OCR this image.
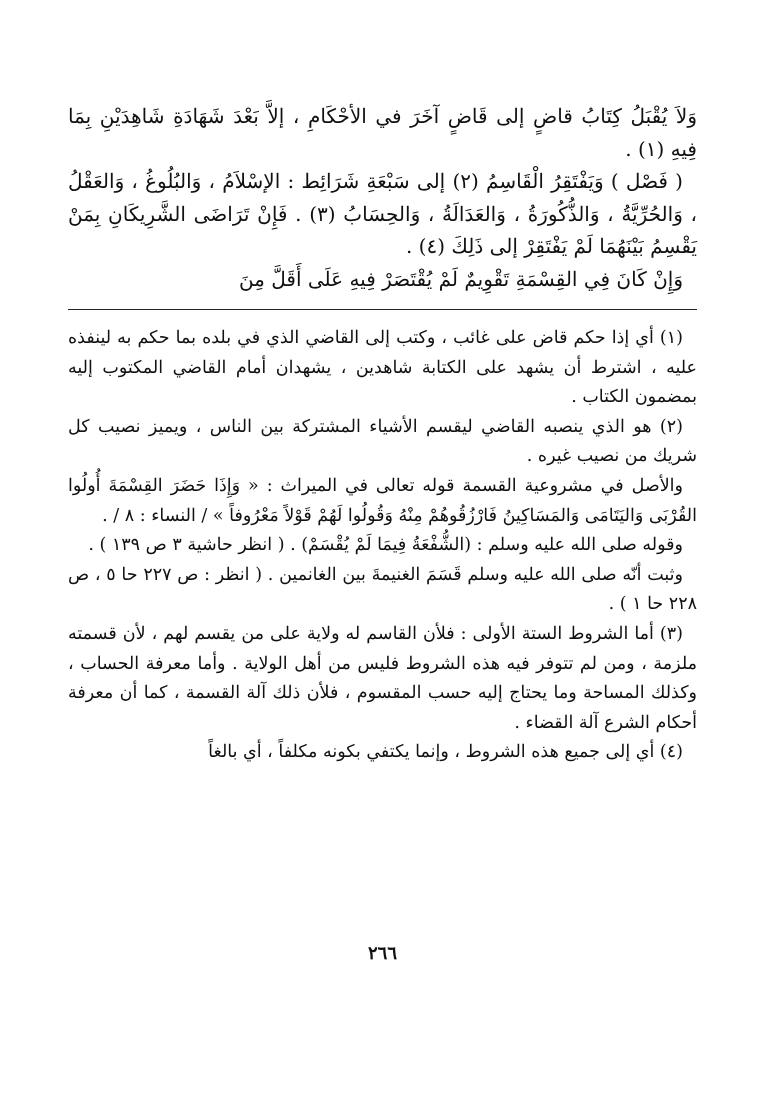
وَلاَ يُقْبَلُ كِتَابُ قاضٍ إلى قَاضٍ آخَرَ في الأحْكَامِ ، إلاَّ بَعْدَ شَهَادَةِ شَاهِدَيْنِ بِمَا فِيهِ (١) .

( فَصْل ) وَيَفْتَقِرُ الْقَاسِمُ (٢) إلى سَبْعَةِ شَرَائِط : الإسْلاَمُ ، وَالبُلُوغُ ، وَالعَقْلُ ، وَالحُرِّيَّةُ ، وَالذُّكُورَةُ ، وَالعَدَالَةُ ، وَالحِسَابُ (٣) . فَإِنْ تَرَاضَى الشَّرِيكَانِ بِمَنْ يَقْسِمُ بَيْنَهُمَا لَمْ يَفْتَقِرْ إلى ذَلِكَ (٤) .

وَإِنْ كَانَ فِي القِسْمَةِ تَقْوِيمٌ لَمْ يُقْتَصَرْ فِيهِ عَلَى أَقَلَّ مِنَ

(١) أي إذا حكم قاض على غائب ، وكتب إلى القاضي الذي في بلده بما حكم به لينفذه عليه ، اشترط أن يشهد على الكتابة شاهدين ، يشهدان أمام القاضي المكتوب إليه بمضمون الكتاب .

(٢) هو الذي ينصبه القاضي ليقسم الأشياء المشتركة بين الناس ، ويميز نصيب كل شريك من نصيب غيره .

والأصل في مشروعية القسمة قوله تعالى في الميراث : « وَإِذَا حَضَرَ القِسْمَةَ أُولُوا القُرْبَى وَاليَتَامَى وَالمَسَاكِينُ فَارْزُقُوهُمْ مِنْهُ وَقُولُوا لَهُمْ قَوْلاً مَعْرُوفاً » / النساء : ٨ / .

وقوله صلى الله عليه وسلم : (الشُّفْعَةُ فِيمَا لَمْ يُقْسَمْ) . ( انظر حاشية ٣ ص ١٣٩ ) .

وثبت أنّه صلى الله عليه وسلم قَسَمَ الغنيمةَ بين الغانمين . ( انظر : ص ٢٢٧ حا ٥ ، ص ٢٢٨ حا ١ ) .

(٣) أما الشروط الستة الأولى : فلأن القاسم له ولاية على من يقسم لهم ، لأن قسمته ملزمة ، ومن لم تتوفر فيه هذه الشروط فليس من أهل الولاية . وأما معرفة الحساب ، وكذلك المساحة وما يحتاج إليه حسب المقسوم ، فلأن ذلك آلة القسمة ، كما أن معرفة أحكام الشرع آلة القضاء .

(٤) أي إلى جميع هذه الشروط ، وإنما يكتفي بكونه مكلفاً ، أي بالغاً

٢٦٦
